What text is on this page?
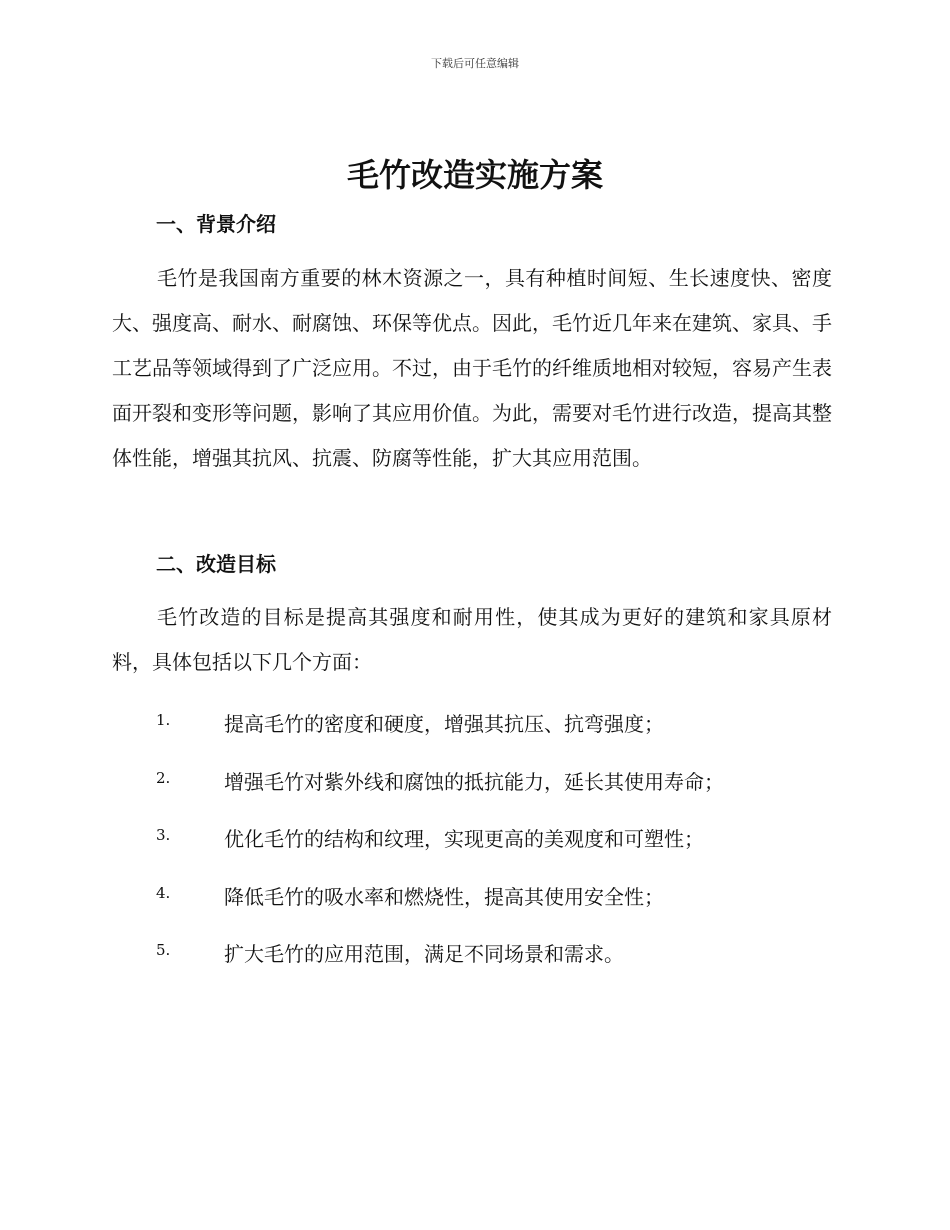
下载后可任意编辑
毛竹改造实施方案
一、背景介绍
毛竹是我国南方重要的林木资源之一，具有种植时间短、生长速度快、密度大、强度高、耐水、耐腐蚀、环保等优点。因此，毛竹近几年来在建筑、家具、手工艺品等领域得到了广泛应用。不过，由于毛竹的纤维质地相对较短，容易产生表面开裂和变形等问题，影响了其应用价值。为此，需要对毛竹进行改造，提高其整体性能，增强其抗风、抗震、防腐等性能，扩大其应用范围。
二、改造目标
毛竹改造的目标是提高其强度和耐用性，使其成为更好的建筑和家具原材料，具体包括以下几个方面：
1.	提高毛竹的密度和硬度，增强其抗压、抗弯强度；
2.	增强毛竹对紫外线和腐蚀的抵抗能力，延长其使用寿命；
3.	优化毛竹的结构和纹理，实现更高的美观度和可塑性；
4.	降低毛竹的吸水率和燃烧性，提高其使用安全性；
5.	扩大毛竹的应用范围，满足不同场景和需求。
